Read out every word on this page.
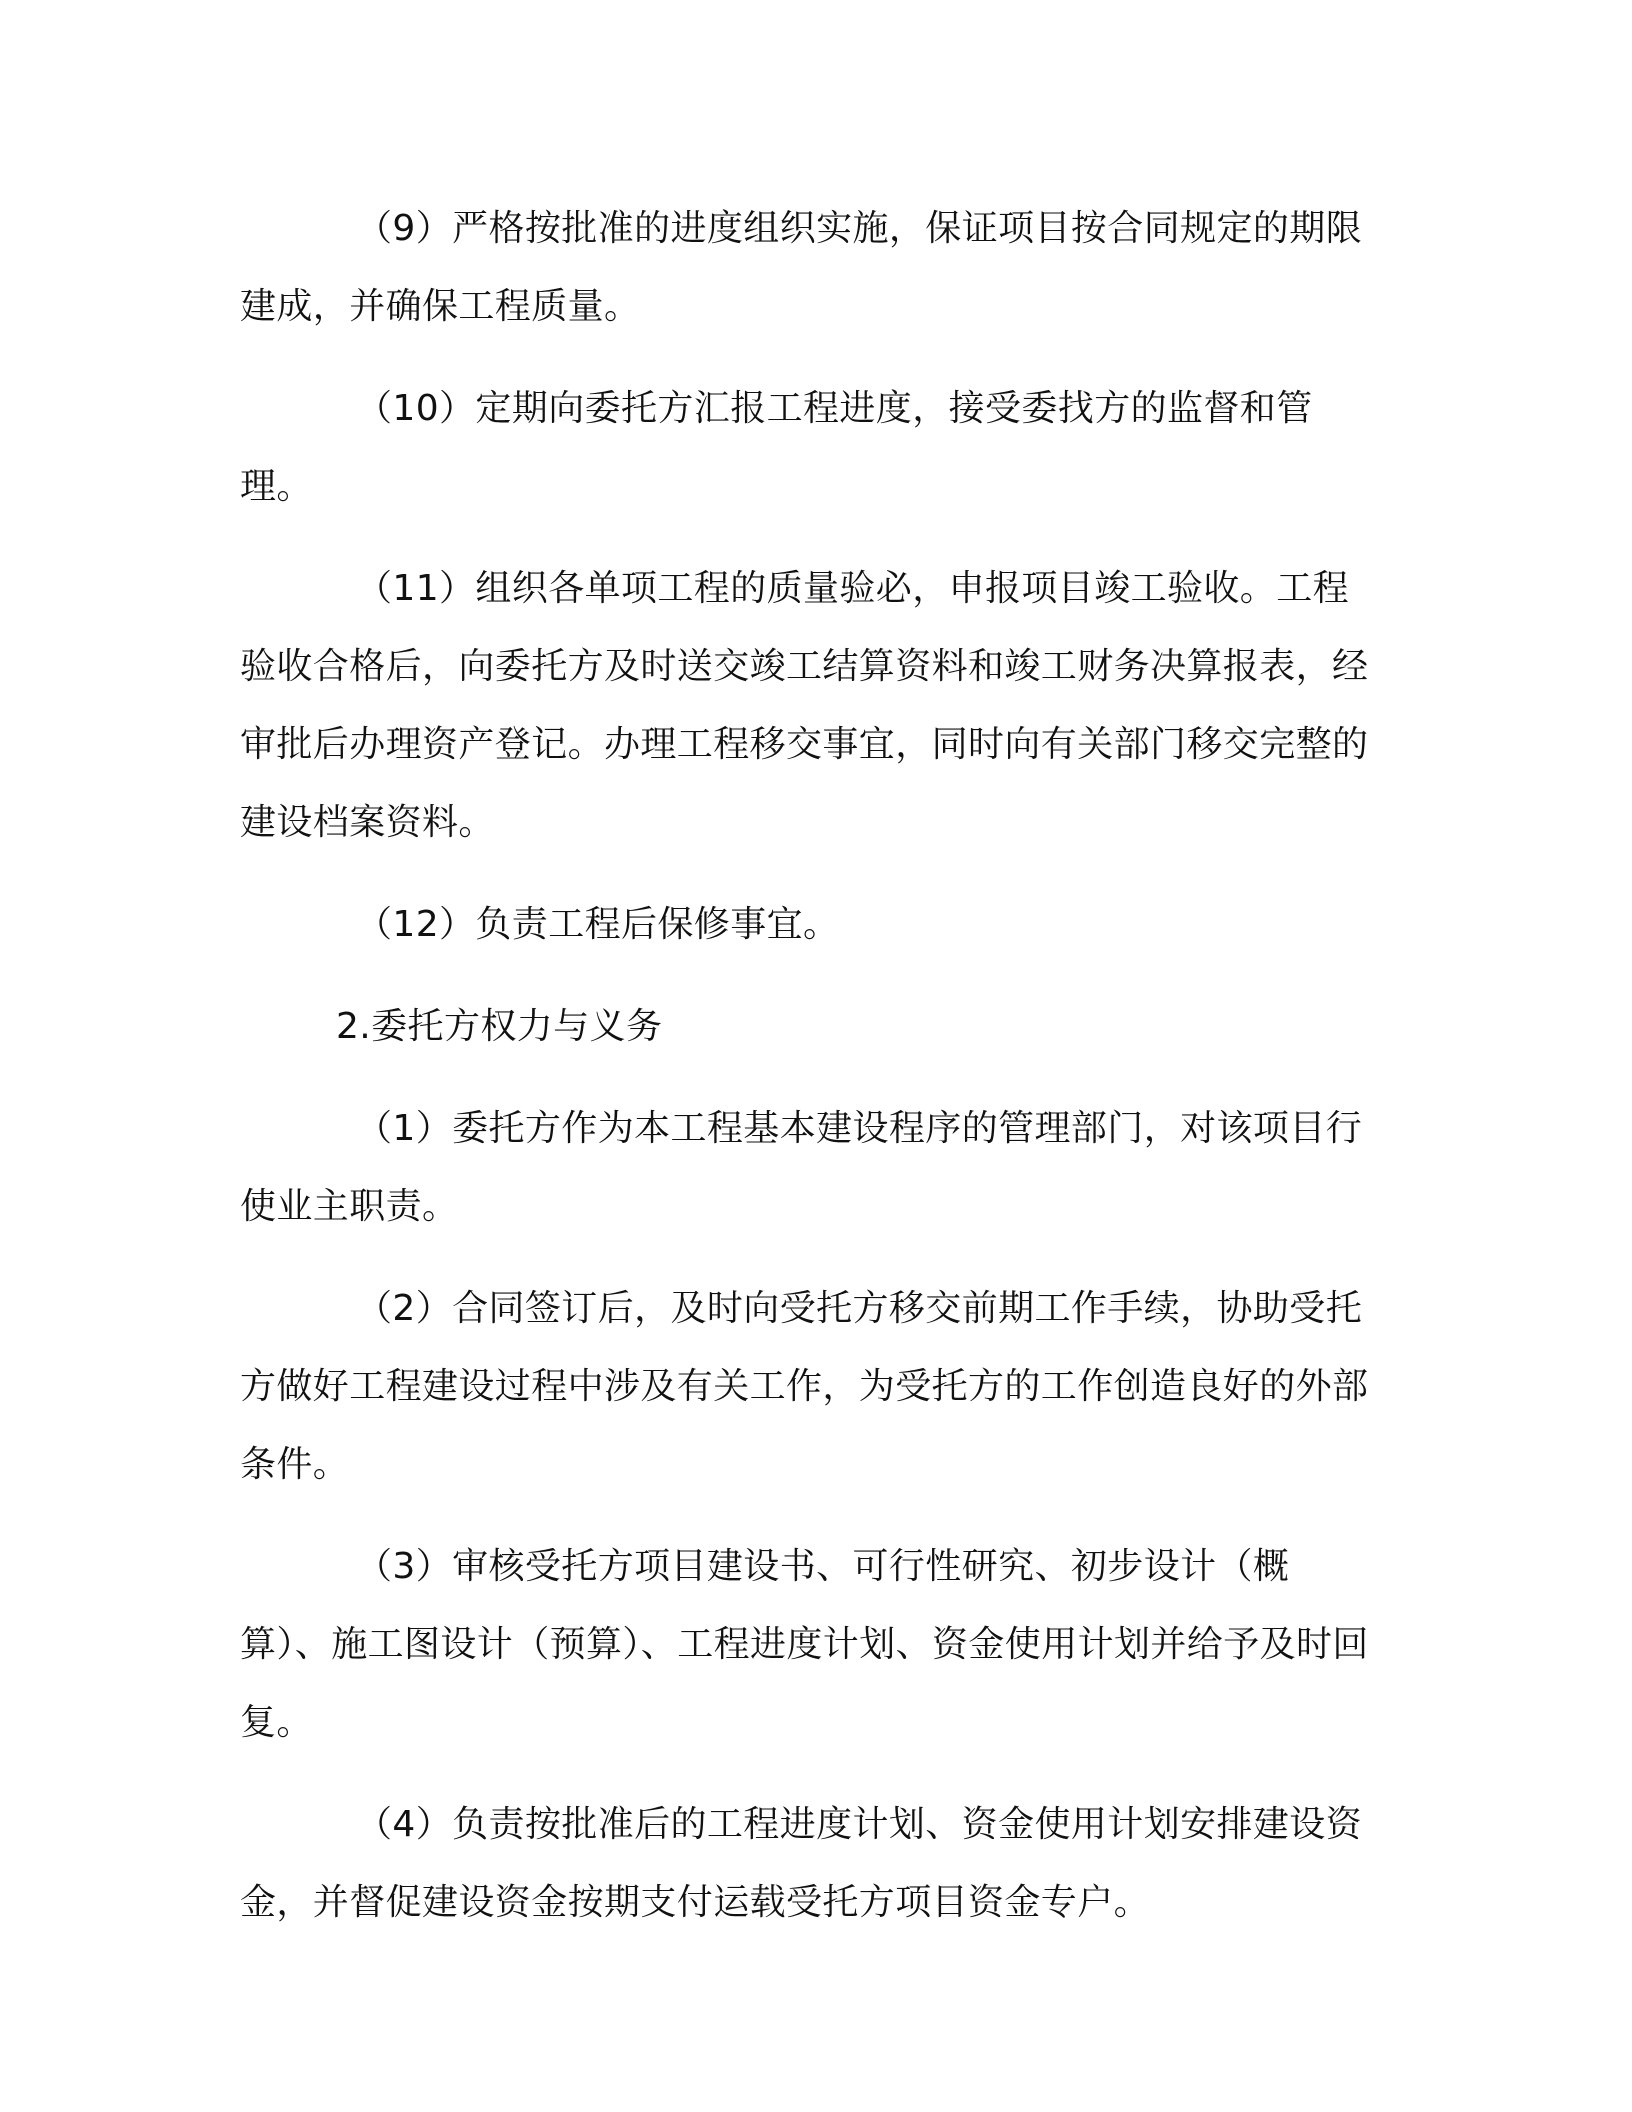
（9）严格按批准的进度组织实施，保证项目按合同规定的期限建成，并确保工程质量。

（10）定期向委托方汇报工程进度，接受委找方的监督和管理。

（11）组织各单项工程的质量验必，申报项目竣工验收。工程验收合格后，向委托方及时送交竣工结算资料和竣工财务决算报表，经审批后办理资产登记。办理工程移交事宜，同时向有关部门移交完整的建设档案资料。

（12）负责工程后保修事宜。

2.委托方权力与义务

（1）委托方作为本工程基本建设程序的管理部门，对该项目行使业主职责。

（2）合同签订后，及时向受托方移交前期工作手续，协助受托方做好工程建设过程中涉及有关工作，为受托方的工作创造良好的外部条件。

（3）审核受托方项目建设书、可行性研究、初步设计（概算）、施工图设计（预算）、工程进度计划、资金使用计划并给予及时回复。

（4）负责按批准后的工程进度计划、资金使用计划安排建设资金，并督促建设资金按期支付运载受托方项目资金专户。
